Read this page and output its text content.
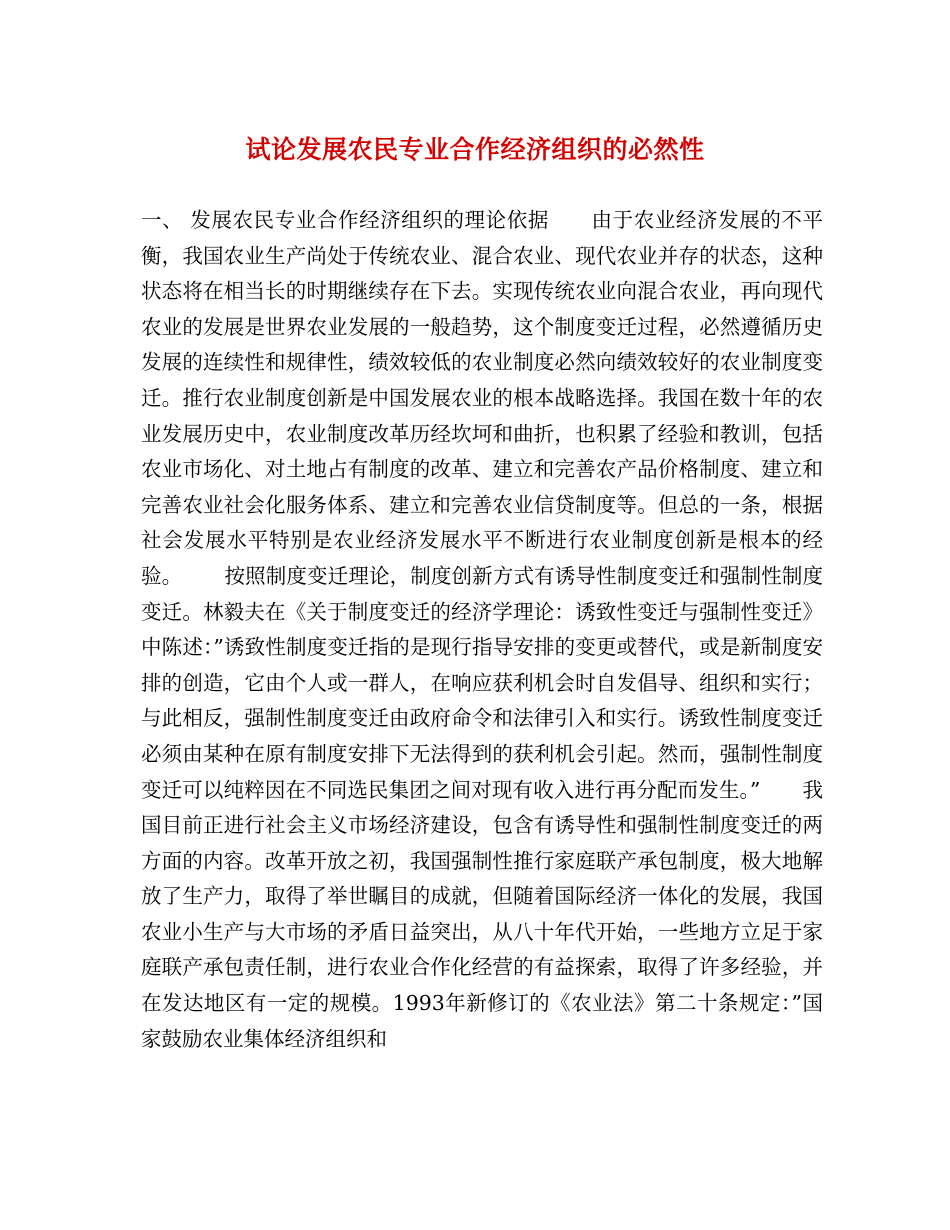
试论发展农民专业合作经济组织的必然性

一、 发展农民专业合作经济组织的理论依据 由于农业经济发展的不平衡，我国农业生产尚处于传统农业、混合农业、现代农业并存的状态，这种状态将在相当长的时期继续存在下去。实现传统农业向混合农业，再向现代农业的发展是世界农业发展的一般趋势，这个制度变迁过程，必然遵循历史发展的连续性和规律性，绩效较低的农业制度必然向绩效较好的农业制度变迁。推行农业制度创新是中国发展农业的根本战略选择。我国在数十年的农业发展历史中，农业制度改革历经坎坷和曲折，也积累了经验和教训，包括农业市场化、对土地占有制度的改革、建立和完善农产品价格制度、建立和完善农业社会化服务体系、建立和完善农业信贷制度等。但总的一条，根据社会发展水平特别是农业经济发展水平不断进行农业制度创新是根本的经验。 按照制度变迁理论，制度创新方式有诱导性制度变迁和强制性制度变迁。林毅夫在《关于制度变迁的经济学理论：诱致性变迁与强制性变迁》中陈述：”诱致性制度变迁指的是现行指导安排的变更或替代，或是新制度安排的创造，它由个人或一群人，在响应获利机会时自发倡导、组织和实行；与此相反，强制性制度变迁由政府命令和法律引入和实行。诱致性制度变迁必须由某种在原有制度安排下无法得到的获利机会引起。然而，强制性制度变迁可以纯粹因在不同选民集团之间对现有收入进行再分配而发生。” 我国目前正进行社会主义市场经济建设，包含有诱导性和强制性制度变迁的两方面的内容。改革开放之初，我国强制性推行家庭联产承包制度，极大地解放了生产力，取得了举世瞩目的成就，但随着国际经济一体化的发展，我国农业小生产与大市场的矛盾日益突出，从八十年代开始，一些地方立足于家庭联产承包责任制，进行农业合作化经营的有益探索，取得了许多经验，并在发达地区有一定的规模。1993年新修订的《农业法》第二十条规定：”国家鼓励农业集体经济组织和
